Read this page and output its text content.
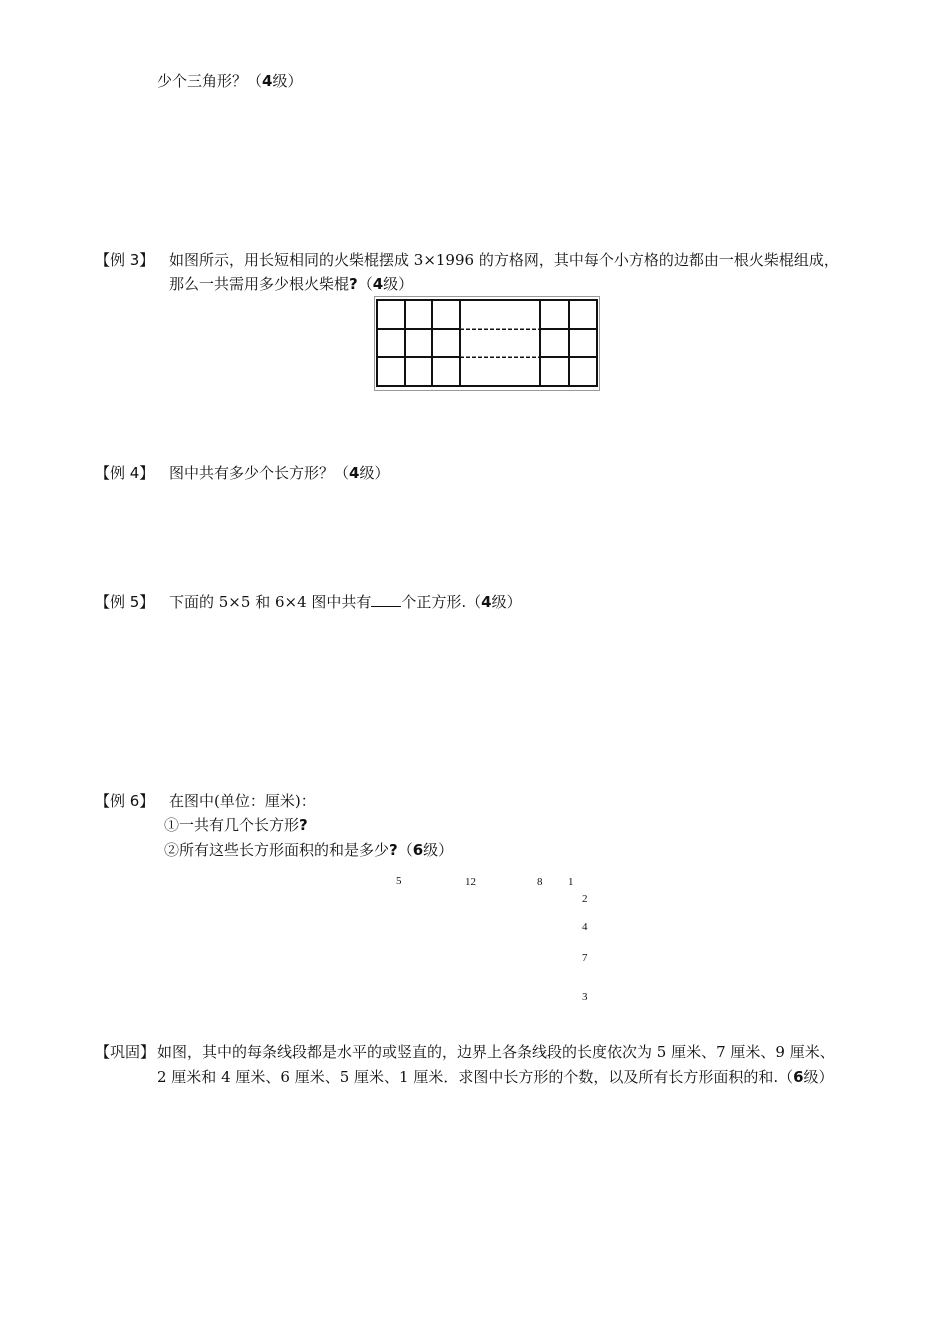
少个三角形？（4级）
【例 3】 如图所示，用长短相同的火柴棍摆成 3×1996 的方格网，其中每个小方格的边都由一根火柴棍组成，
那么一共需用多少根火柴棍?（4级）
【例 4】 图中共有多少个长方形？（4级）
【例 5】 下面的 5×5 和 6×4 图中共有 个正方形.（4级）
【例 6】 在图中(单位：厘米)：
①一共有几个长方形?
②所有这些长方形面积的和是多少?（6级）
5	12	8 1
2
4
7
3
【巩固】 如图，其中的每条线段都是水平的或竖直的，边界上各条线段的长度依次为 5 厘米、7 厘米、9 厘米、
2 厘米和 4 厘米、6 厘米、5 厘米、1 厘米．求图中长方形的个数，以及所有长方形面积的和.（6级）
